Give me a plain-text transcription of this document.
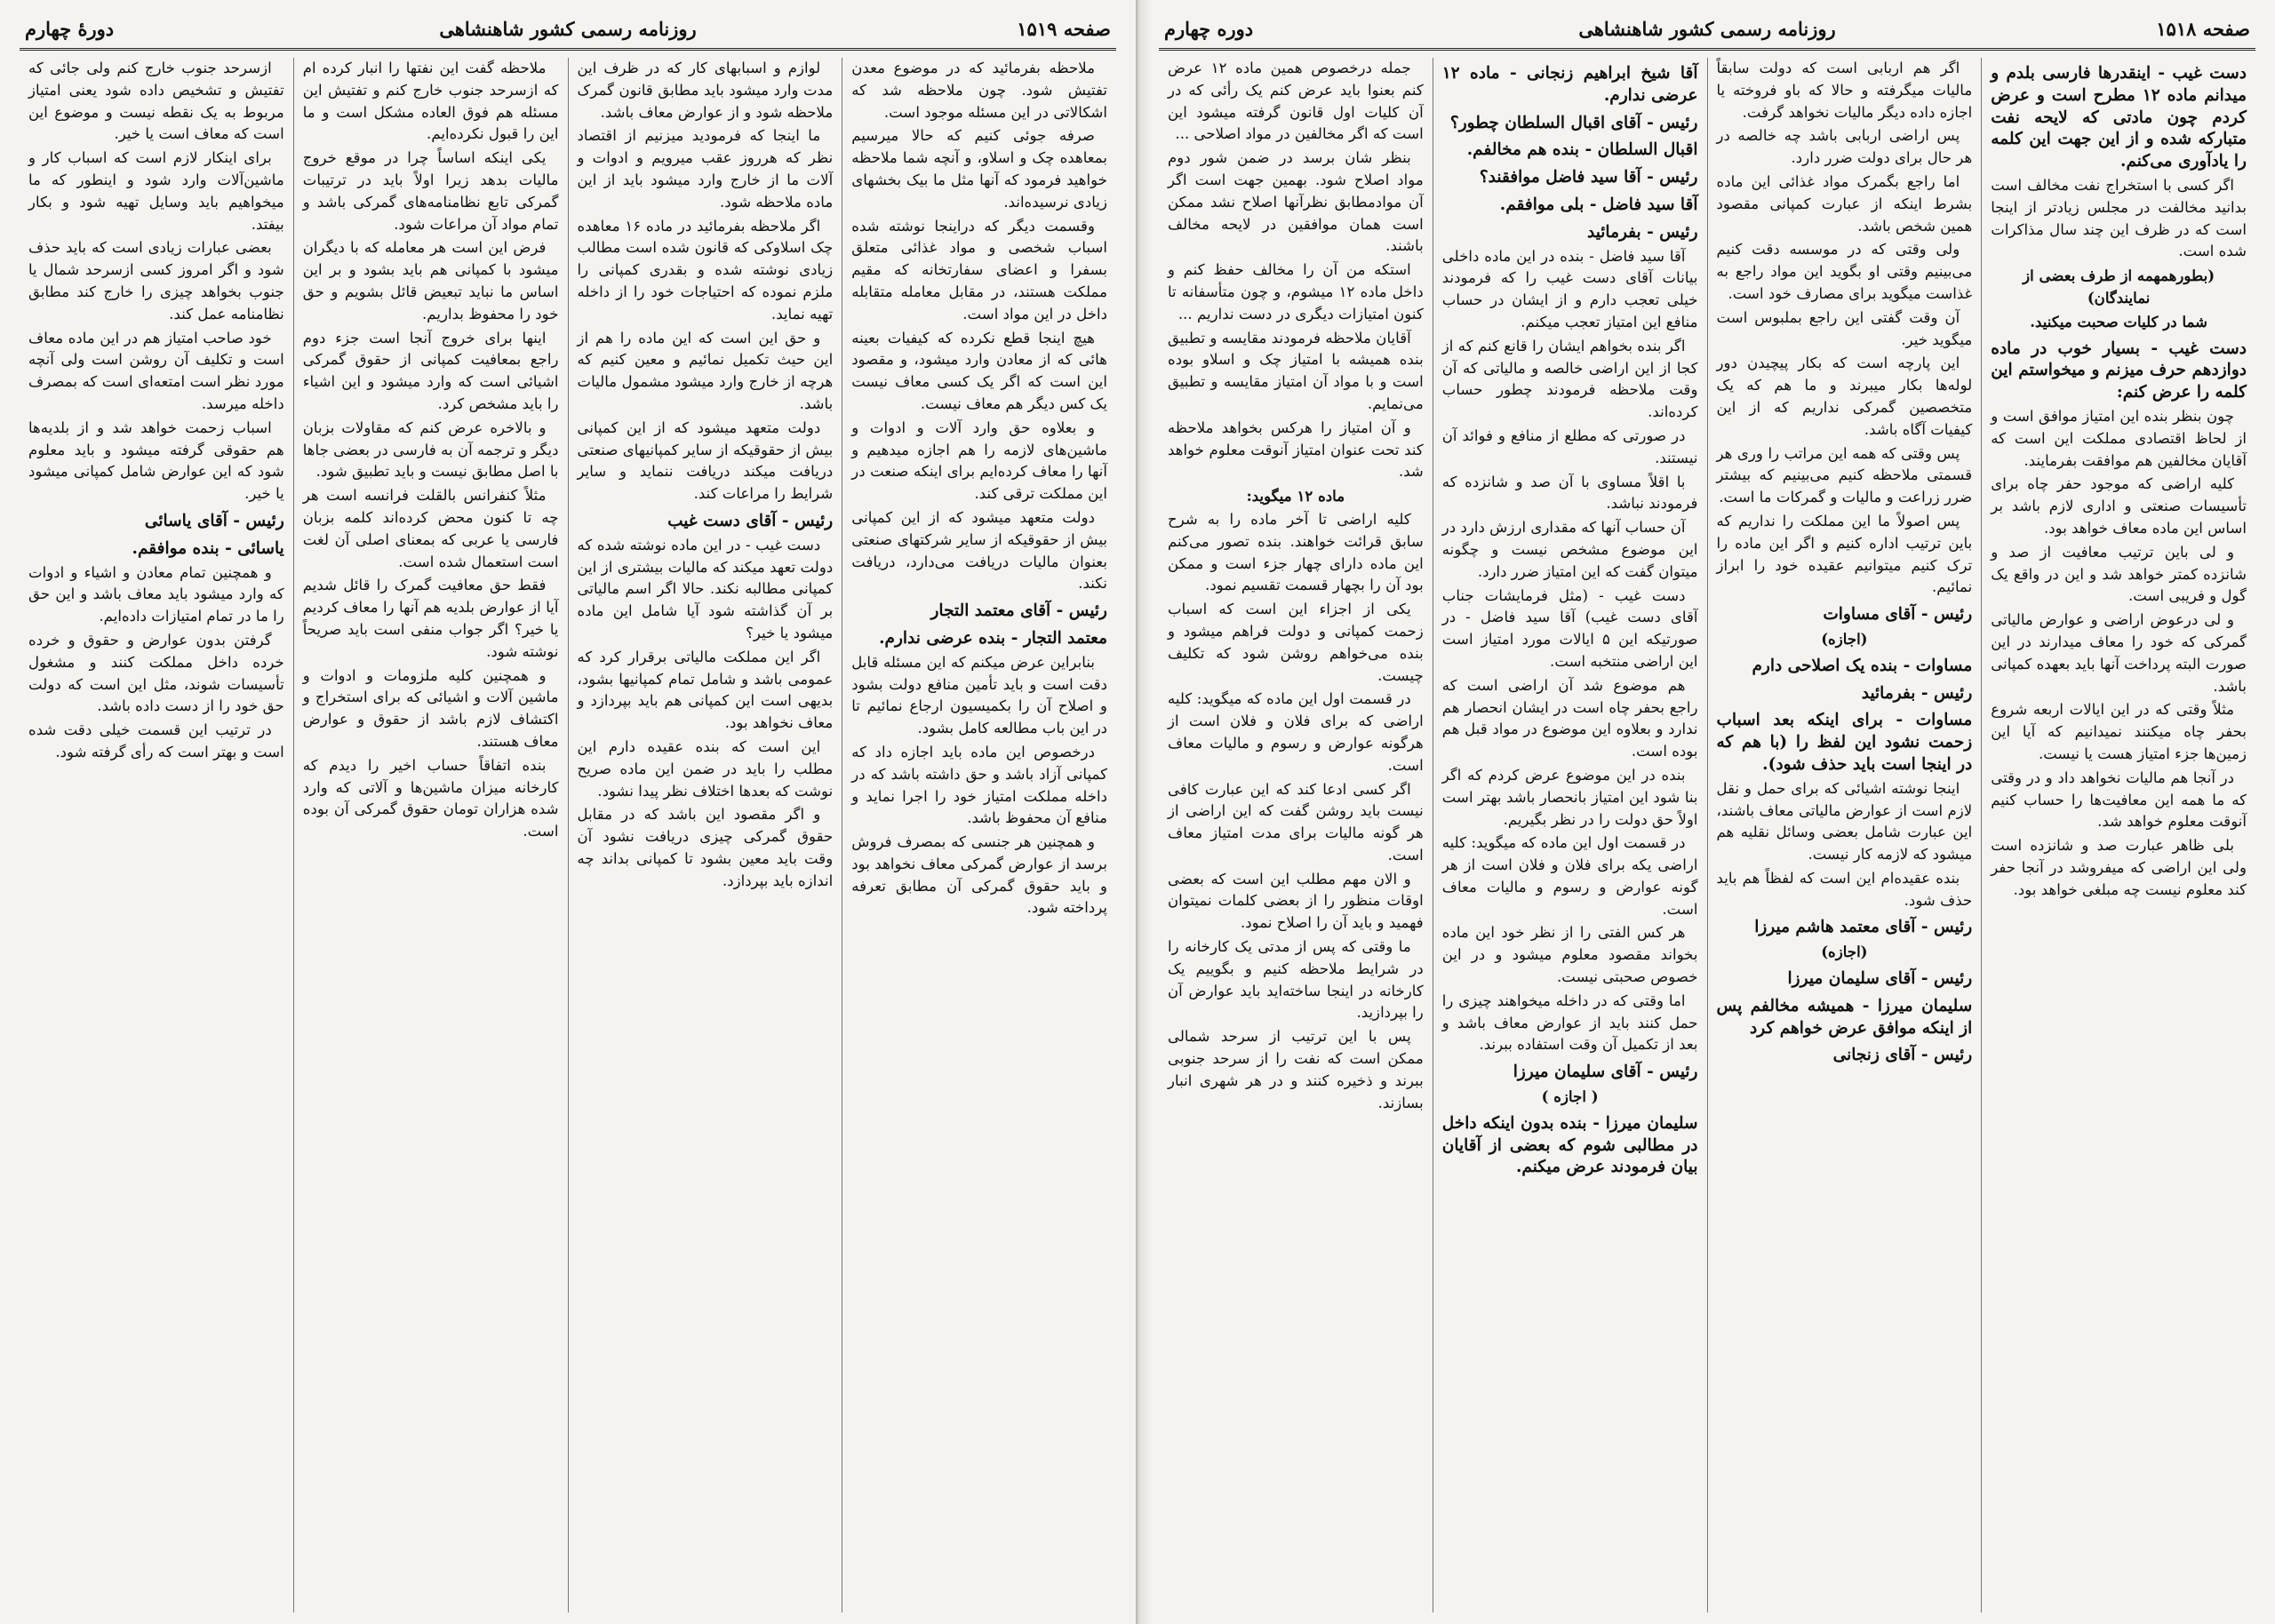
صفحه ۱۵۱۹
روزنامه رسمی کشور شاهنشاهی
دورهٔ چهارم

ملاحظه بفرمائید که در موضوع معدن تفتیش شود. چون ملاحظه شد که اشکالاتی در این مسئله موجود است.

صرفه جوئی کنیم که حالا میرسیم بمعاهده چک و اسلاو، و آنچه شما ملاحظه خواهید فرمود که آنها مثل ما بیک بخشهای زیادی نرسیده‌اند.

وقسمت دیگر که دراینجا نوشته شده اسباب شخصی و مواد غذائی متعلق بسفرا و اعضای سفارتخانه که مقیم مملکت هستند، در مقابل معامله متقابله داخل در این مواد است.

هیچ اینجا قطع نکرده که کیفیات بعینه هائی که از معادن وارد میشود، و مقصود این است که اگر یک کسی معاف نیست یک کس دیگر هم معاف نیست.

و بعلاوه حق وارد آلات و ادوات و ماشین‌های لازمه را هم اجازه میدهیم و آنها را معاف کرده‌ایم برای اینکه صنعت در این مملکت ترقی کند.

دولت متعهد میشود که از این کمپانی بیش از حقوقیکه از سایر شرکتهای صنعتی بعنوان مالیات دریافت می‌دارد، دریافت نکند.

رئیس - آقای معتمد التجار

معتمد التجار - بنده عرضی ندارم.

بنابراین عرض میکنم که این مسئله قابل دقت است و باید تأمین منافع دولت بشود و اصلاح آن را بکمیسیون ارجاع نمائیم تا در این باب مطالعه کامل بشود.

درخصوص این ماده باید اجازه داد که کمپانی آزاد باشد و حق داشته باشد که در داخله مملکت امتیاز خود را اجرا نماید و منافع آن محفوظ باشد.

و همچنین هر جنسی که بمصرف فروش برسد از عوارض گمرکی معاف نخواهد بود و باید حقوق گمرکی آن مطابق تعرفه پرداخته شود.

لوازم و اسبابهای کار که در ظرف این مدت وارد میشود باید مطابق قانون گمرک ملاحظه شود و از عوارض معاف باشد.

ما اینجا که فرمودید میزنیم از اقتصاد نظر که هرروز عقب میرویم و ادوات و آلات ما از خارج وارد میشود باید از این ماده ملاحظه شود.

اگر ملاحظه بفرمائید در ماده ۱۶ معاهده چک اسلاوکی که قانون شده است مطالب زیادی نوشته شده و بقدری کمپانی را ملزم نموده که احتیاجات خود را از داخله تهیه نماید.

و حق این است که این ماده را هم از این حیث تکمیل نمائیم و معین کنیم که هرچه از خارج وارد میشود مشمول مالیات باشد.

دولت متعهد میشود که از این کمپانی بیش از حقوقیکه از سایر کمپانیهای صنعتی دریافت میکند دریافت ننماید و سایر شرایط را مراعات کند.

رئیس - آقای دست غیب

دست غیب - در این ماده نوشته شده که دولت تعهد میکند که مالیات بیشتری از این کمپانی مطالبه نکند. حالا اگر اسم مالیاتی بر آن گذاشته شود آیا شامل این ماده میشود یا خیر؟

اگر این مملکت مالیاتی برقرار کرد که عمومی باشد و شامل تمام کمپانیها بشود، بدیهی است این کمپانی هم باید بپردازد و معاف نخواهد بود.

این است که بنده عقیده دارم این مطلب را باید در ضمن این ماده صریح نوشت که بعدها اختلاف نظر پیدا نشود.

و اگر مقصود این باشد که در مقابل حقوق گمرکی چیزی دریافت نشود آن وقت باید معین بشود تا کمپانی بداند چه اندازه باید بپردازد.

ملاحظه گفت این نفتها را انبار کرده ام که ازسرحد جنوب خارج کنم و تفتیش این مسئله هم فوق العاده مشکل است و ما این را قبول نکرده‌ایم.

یکی اینکه اساساً چرا در موقع خروج مالیات بدهد زیرا اولاً باید در ترتیبات گمرکی تابع نظامنامه‌های گمرکی باشد و تمام مواد آن مراعات شود.

فرض این است هر معامله که با دیگران میشود با کمپانی هم باید بشود و بر این اساس ما نباید تبعیض قائل بشویم و حق خود را محفوظ بداریم.

اینها برای خروج آنجا است جزء دوم راجع بمعافیت کمپانی از حقوق گمرکی اشیائی است که وارد میشود و این اشیاء را باید مشخص کرد.

و بالاخره عرض کنم که مقاولات بزبان دیگر و ترجمه آن به فارسی در بعضی جاها با اصل مطابق نیست و باید تطبیق شود.

مثلاً کنفرانس بالقلت فرانسه است هر چه تا کنون محض کرده‌اند کلمه بزبان فارسی یا عربی که بمعنای اصلی آن لغت است استعمال شده است.

فقط حق معافیت گمرک را قائل شدیم آیا از عوارض بلدیه هم آنها را معاف کردیم یا خیر؟ اگر جواب منفی است باید صریحاً نوشته شود.

و همچنین کلیه ملزومات و ادوات و ماشین آلات و اشیائی که برای استخراج و اکتشاف لازم باشد از حقوق و عوارض معاف هستند.

بنده اتفاقاً حساب اخیر را دیدم که کارخانه میزان ماشین‌ها و آلاتی که وارد شده هزاران تومان حقوق گمرکی آن بوده است.

ازسرحد جنوب خارج کنم ولی جائی که تفتیش و تشخیص داده شود یعنی امتیاز مربوط به یک نقطه نیست و موضوع این است که معاف است یا خیر.

برای اینکار لازم است که اسباب کار و ماشین‌آلات وارد شود و اینطور که ما میخواهیم باید وسایل تهیه شود و بکار بیفتد.

بعضی عبارات زیادی است که باید حذف شود و اگر امروز کسی ازسرحد شمال یا جنوب بخواهد چیزی را خارج کند مطابق نظامنامه عمل کند.

خود صاحب امتیاز هم در این ماده معاف است و تکلیف آن روشن است ولی آنچه مورد نظر است امتعه‌ای است که بمصرف داخله میرسد.

اسباب زحمت خواهد شد و از بلدیه‌ها هم حقوقی گرفته میشود و باید معلوم شود که این عوارض شامل کمپانی میشود یا خیر.

رئیس - آقای یاسائی

یاسائی - بنده موافقم.

و همچنین تمام معادن و اشیاء و ادوات که وارد میشود باید معاف باشد و این حق را ما در تمام امتیازات داده‌ایم.

گرفتن بدون عوارض و حقوق و خرده خرده داخل مملکت کنند و مشغول تأسیسات شوند، مثل این است که دولت حق خود را از دست داده باشد.

در ترتیب این قسمت خیلی دقت شده است و بهتر است که رأی گرفته شود.

صفحه ۱۵۱۸
روزنامه رسمی کشور شاهنشاهی
دوره چهارم

دست غیب - اینقدرها فارسی بلدم و میدانم ماده ۱۲ مطرح است و عرض کردم چون مادتی که لایحه نفت متبارکه شده و از این جهت این کلمه را یادآوری می‌کنم.

اگر کسی با استخراج نفت مخالف است بدانید مخالفت در مجلس زیادتر از اینجا است که در ظرف این چند سال مذاکرات شده است.

(بطورهمهمه از طرف بعضی از نمایندگان)

شما در کلیات صحبت میکنید.

دست غیب - بسیار خوب در ماده دوازدهم حرف میزنم و میخواستم این کلمه را عرض کنم:

چون بنظر بنده این امتیاز موافق است و از لحاظ اقتصادی مملکت این است که آقایان مخالفین هم موافقت بفرمایند.

کلیه اراضی که موجود حفر چاه برای تأسیسات صنعتی و اداری لازم باشد بر اساس این ماده معاف خواهد بود.

و لی باین ترتیب معافیت از صد و شانزده کمتر خواهد شد و این در واقع یک گول و فریبی است.

و لی درعوض اراضی و عوارض مالیاتی گمرکی که خود را معاف میدارند در این صورت البته پرداخت آنها باید بعهده کمپانی باشد.

مثلاً وقتی که در این ایالات اربعه شروع بحفر چاه میکنند نمیدانیم که آیا این زمین‌ها جزء امتیاز هست یا نیست.

در آنجا هم مالیات نخواهد داد و در وقتی که ما همه این معافیت‌ها را حساب کنیم آنوقت معلوم خواهد شد.

بلی ظاهر عبارت صد و شانزده است ولی این اراضی که میفروشد در آنجا حفر کند معلوم نیست چه مبلغی خواهد بود.

اگر هم اربابی است که دولت سابقاً مالیات میگرفته و حالا که باو فروخته یا اجازه داده دیگر مالیات نخواهد گرفت.

پس اراضی اربابی باشد چه خالصه در هر حال برای دولت ضرر دارد.

اما راجع بگمرک مواد غذائی این ماده بشرط اینکه از عبارت کمپانی مقصود همین شخص باشد.

ولی وقتی که در موسسه دقت کنیم می‌بینیم وقتی او بگوید این مواد راجع به غذاست میگوید برای مصارف خود است.

آن وقت گفتی این راجع بملبوس است میگوید خیر.

این پارچه است که بکار پیچیدن دور لوله‌ها بکار میبرند و ما هم که یک متخصصین گمرکی نداریم که از این کیفیات آگاه باشد.

پس وقتی که همه این مراتب را وری هر قسمتی ملاحظه کنیم می‌بینیم که بیشتر ضرر زراعت و مالیات و گمرکات ما است.

پس اصولاً ما این مملکت را نداریم که باین ترتیب اداره کنیم و اگر این ماده را ترک کنیم میتوانیم عقیده خود را ابراز نمائیم.

رئیس - آقای مساوات

(اجازه)

مساوات - بنده یک اصلاحی دارم

رئیس - بفرمائید

مساوات - برای اینکه بعد اسباب زحمت نشود این لفظ را (با هم که در اینجا است باید حذف شود).

اینجا نوشته اشیائی که برای حمل و نقل لازم است از عوارض مالیاتی معاف باشند، این عبارت شامل بعضی وسائل نقلیه هم میشود که لازمه کار نیست.

بنده عقیده‌ام این است که لفظاً هم باید حذف شود.

رئیس - آقای معتمد هاشم میرزا

(اجازه)

رئیس - آقای سلیمان میرزا

سلیمان میرزا - همیشه مخالفم پس از اینکه موافق عرض خواهم کرد

رئیس - آقای زنجانی

آقا شیخ ابراهیم زنجانی - ماده ۱۲ عرضی ندارم.

رئیس - آقای اقبال السلطان چطور؟

اقبال السلطان - بنده هم مخالفم.

رئیس - آقا سید فاضل موافقند؟

آقا سید فاضل - بلی موافقم.

رئیس - بفرمائید

آقا سید فاضل - بنده در این ماده داخلی بیانات آقای دست غیب را که فرمودند خیلی تعجب دارم و از ایشان در حساب منافع این امتیاز تعجب میکنم.

اگر بنده بخواهم ایشان را قانع کنم که از کجا از این اراضی خالصه و مالیاتی که آن وقت ملاحظه فرمودند چطور حساب کرده‌اند.

در صورتی که مطلع از منافع و فوائد آن نیستند.

با اقلاً مساوی با آن صد و شانزده که فرمودند نباشد.

آن حساب آنها که مقداری ارزش دارد در این موضوع مشخص نیست و چگونه میتوان گفت که این امتیاز ضرر دارد.

دست غیب - (مثل فرمایشات جناب آقای دست غیب) آقا سید فاضل - در صورتیکه این ۵ ایالات مورد امتیاز است این اراضی منتخبه است.

هم موضوع شد آن اراضی است که راجع بحفر چاه است در ایشان انحصار هم ندارد و بعلاوه این موضوع در مواد قبل هم بوده است.

بنده در این موضوع عرض کردم که اگر بنا شود این امتیاز بانحصار باشد بهتر است اولاً حق دولت را در نظر بگیریم.

در قسمت اول این ماده که میگوید: کلیه اراضی یکه برای فلان و فلان است از هر گونه عوارض و رسوم و مالیات معاف است.

هر کس الفتی را از نظر خود این ماده بخواند مقصود معلوم میشود و در این خصوص صحبتی نیست.

اما وقتی که در داخله میخواهند چیزی را حمل کنند باید از عوارض معاف باشد و بعد از تکمیل آن وقت استفاده ببرند.

رئیس - آقای سلیمان میرزا

( اجازه )

سلیمان میرزا - بنده بدون اینکه داخل در مطالبی شوم که بعضی از آقایان بیان فرمودند عرض میکنم.

جمله درخصوص همین ماده ۱۲ عرض کنم بعنوا باید عرض کنم یک رأئی که در آن کلیات اول قانون گرفته میشود این است که اگر مخالفین در مواد اصلاحی ...

بنظر شان برسد در ضمن شور دوم مواد اصلاح شود. بهمین جهت است اگر آن موادمطابق نظرآنها اصلاح نشد ممکن است همان موافقین در لایحه مخالف باشند.

استکه من آن را مخالف حفظ کنم و داخل ماده ۱۲ میشوم، و چون متأسفانه تا کنون امتیازات دیگری در دست نداریم ...

آقایان ملاحظه فرمودند مقایسه و تطبیق بنده همیشه با امتیاز چک و اسلاو بوده است و با مواد آن امتیاز مقایسه و تطبیق می‌نمایم.

و آن امتیاز را هرکس بخواهد ملاحظه کند تحت عنوان امتیاز آنوقت معلوم خواهد شد.

ماده ۱۲ میگوید:

کلیه اراضی تا آخر ماده را به شرح سابق قرائت خواهند. بنده تصور می‌کنم این ماده دارای چهار جزء است و ممکن بود آن را بچهار قسمت تقسیم نمود.

یکی از اجزاء این است که اسباب زحمت کمپانی و دولت فراهم میشود و بنده می‌خواهم روشن شود که تکلیف چیست.

در قسمت اول این ماده که میگوید: کلیه اراضی که برای فلان و فلان است از هرگونه عوارض و رسوم و مالیات معاف است.

اگر کسی ادعا کند که این عبارت کافی نیست باید روشن گفت که این اراضی از هر گونه مالیات برای مدت امتیاز معاف است.

و الان مهم مطلب این است که بعضی اوقات منظور را از بعضی کلمات نمیتوان فهمید و باید آن را اصلاح نمود.

ما وقتی که پس از مدتی یک کارخانه را در شرایط ملاحظه کنیم و بگوییم یک کارخانه در اینجا ساخته‌اید باید عوارض آن را بپردازید.

پس با این ترتیب از سرحد شمالی ممکن است که نفت را از سرحد جنوبی ببرند و ذخیره کنند و در هر شهری انبار بسازند.
